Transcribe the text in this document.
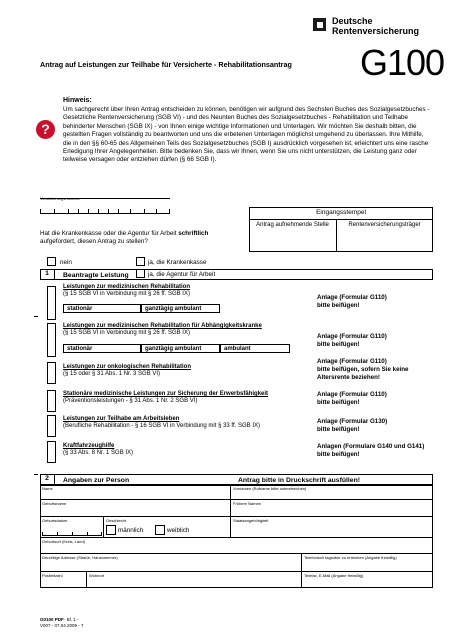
Deutsche
Rentenversicherung
G100
Antrag auf Leistungen zur Teilhabe für Versicherte - Rehabilitationsantrag
?
Hinweis:
Um sachgerecht über Ihren Antrag entscheiden zu können, benötigen wir aufgrund des Sechsten Buches des Sozialgesetzbuches - Gesetzliche Rentenversicherung (SGB VI) - und des Neunten Buches des Sozialgesetzbuches - Rehabilitation und Teilhabe behinderter Menschen (SGB IX) - von Ihnen einige wichtige Informationen und Unterlagen. Wir möchten Sie deshalb bitten, die gestellten Fragen vollständig zu beantworten und uns die erbetenen Unterlagen möglichst umgehend zu überlassen. Ihre Mithilfe, die in den §§ 60-65 des Allgemeinen Teils des Sozialgesetzbuches (SGB I) ausdrücklich vorgesehen ist, erleichtert uns eine rasche Erledigung Ihrer Angelegenheiten. Bitte bedenken Sie, dass wir Ihnen, wenn Sie uns nicht unterstützen, die Leistung ganz oder teilweise versagen oder entziehen dürfen (§ 66 SGB I).
Versicherungsnummer
Eingangsstempel
Antrag aufnehmende Stelle	Rentenversicherungsträger
Hat die Krankenkasse oder die Agentur für Arbeit schriftlich aufgefordert, diesen Antrag zu stellen?
nein	ja, die Krankenkasse
ja, die Agentur für Arbeit
1	Beantragte Leistung
Leistungen zur medizinischen Rehabilitation
(§ 15 SGB VI in Verbindung mit § 26 ff. SGB IX)
stationär	ganztägig ambulant
Anlage (Formular G110)
bitte beifügen!
Leistungen zur medizinischen Rehabilitation für Abhängigkeitskranke
(§ 15 SGB VI in Verbindung mit § 26 ff. SGB IX)
stationär	ganztägig ambulant	ambulant
Anlage (Formular G110)
bitte beifügen!
Leistungen zur onkologischen Rehabilitation
(§ 15 oder § 31 Abs. 1 Nr. 3 SGB VI)
Anlage (Formular G110)
bitte beifügen, sofern Sie keine
Altersrente beziehen!
Stationäre medizinische Leistungen zur Sicherung der Erwerbsfähigkeit
(Präventionsleistungen - § 31 Abs. 1 Nr. 2 SGB VI)
Anlage (Formular G110)
bitte beifügen!
Leistungen zur Teilhabe am Arbeitsleben
(Berufliche Rehabilitation - § 16 SGB VI in Verbindung mit § 33 ff. SGB IX)
Anlage (Formular G130)
bitte beifügen!
Kraftfahrzeughilfe
(§ 33 Abs. 8 Nr. 1 SGB IX)
Anlagen (Formulare G140 und G141)
bitte beifügen!
2	Angaben zur Person	Antrag bitte in Druckschrift ausfüllen!
Name	Vornamen (Rufname bitte unterstreichen)
Geburtsname	Frühere Namen
Geburtsdatum	Geschlecht	Staatsangehörigkeit
männlich	weiblich
Geburtsort (Kreis, Land)
Derzeitige Adresse (Straße, Hausnummer)	Telefonisch tagsüber zu erreichen (Angabe freiwillig)
Postleitzahl	Wohnort	Telefax, E-Mail (Angabe freiwillig)
G0100 PDF - Bl. 1 -
V007 - 07.04.2009 - 7
